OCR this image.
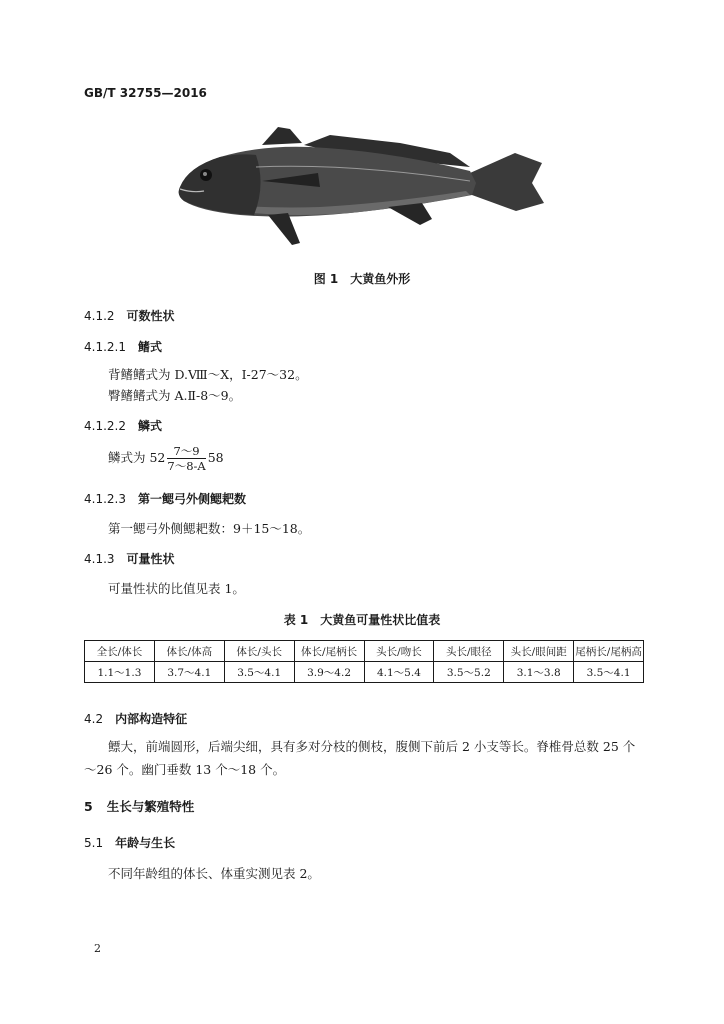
GB/T 32755—2016
图 1　大黄鱼外形
4.1.2 可数性状
4.1.2.1 鳍式
背鳍鳍式为 D.Ⅷ～Ⅹ，Ⅰ-27～32。
臀鳍鳍式为 A.Ⅱ-8～9。
4.1.2.2 鳞式
鳞式为 $52 \frac{7\sim 9}{7\sim 8-A} 58$
4.1.2.3 第一鳃弓外侧鳃耙数
第一鳃弓外侧鳃耙数：9＋15～18。
4.1.3 可量性状
可量性状的比值见表 1。
表 1　大黄鱼可量性状比值表
全长/体长	体长/体高	体长/头长	体长/尾柄长	头长/吻长	头长/眼径	头长/眼间距	尾柄长/尾柄高
1.1～1.3	3.7～4.1	3.5～4.1	3.9～4.2	4.1～5.4	3.5～5.2	3.1～3.8	3.5～4.1
4.2 内部构造特征
鳔大，前端圆形，后端尖细，具有多对分枝的侧枝，腹侧下前后 2 小支等长。脊椎骨总数 25 个～26 个。幽门垂数 13 个～18 个。
5 生长与繁殖特性
5.1 年龄与生长
不同年龄组的体长、体重实测见表 2。
2
